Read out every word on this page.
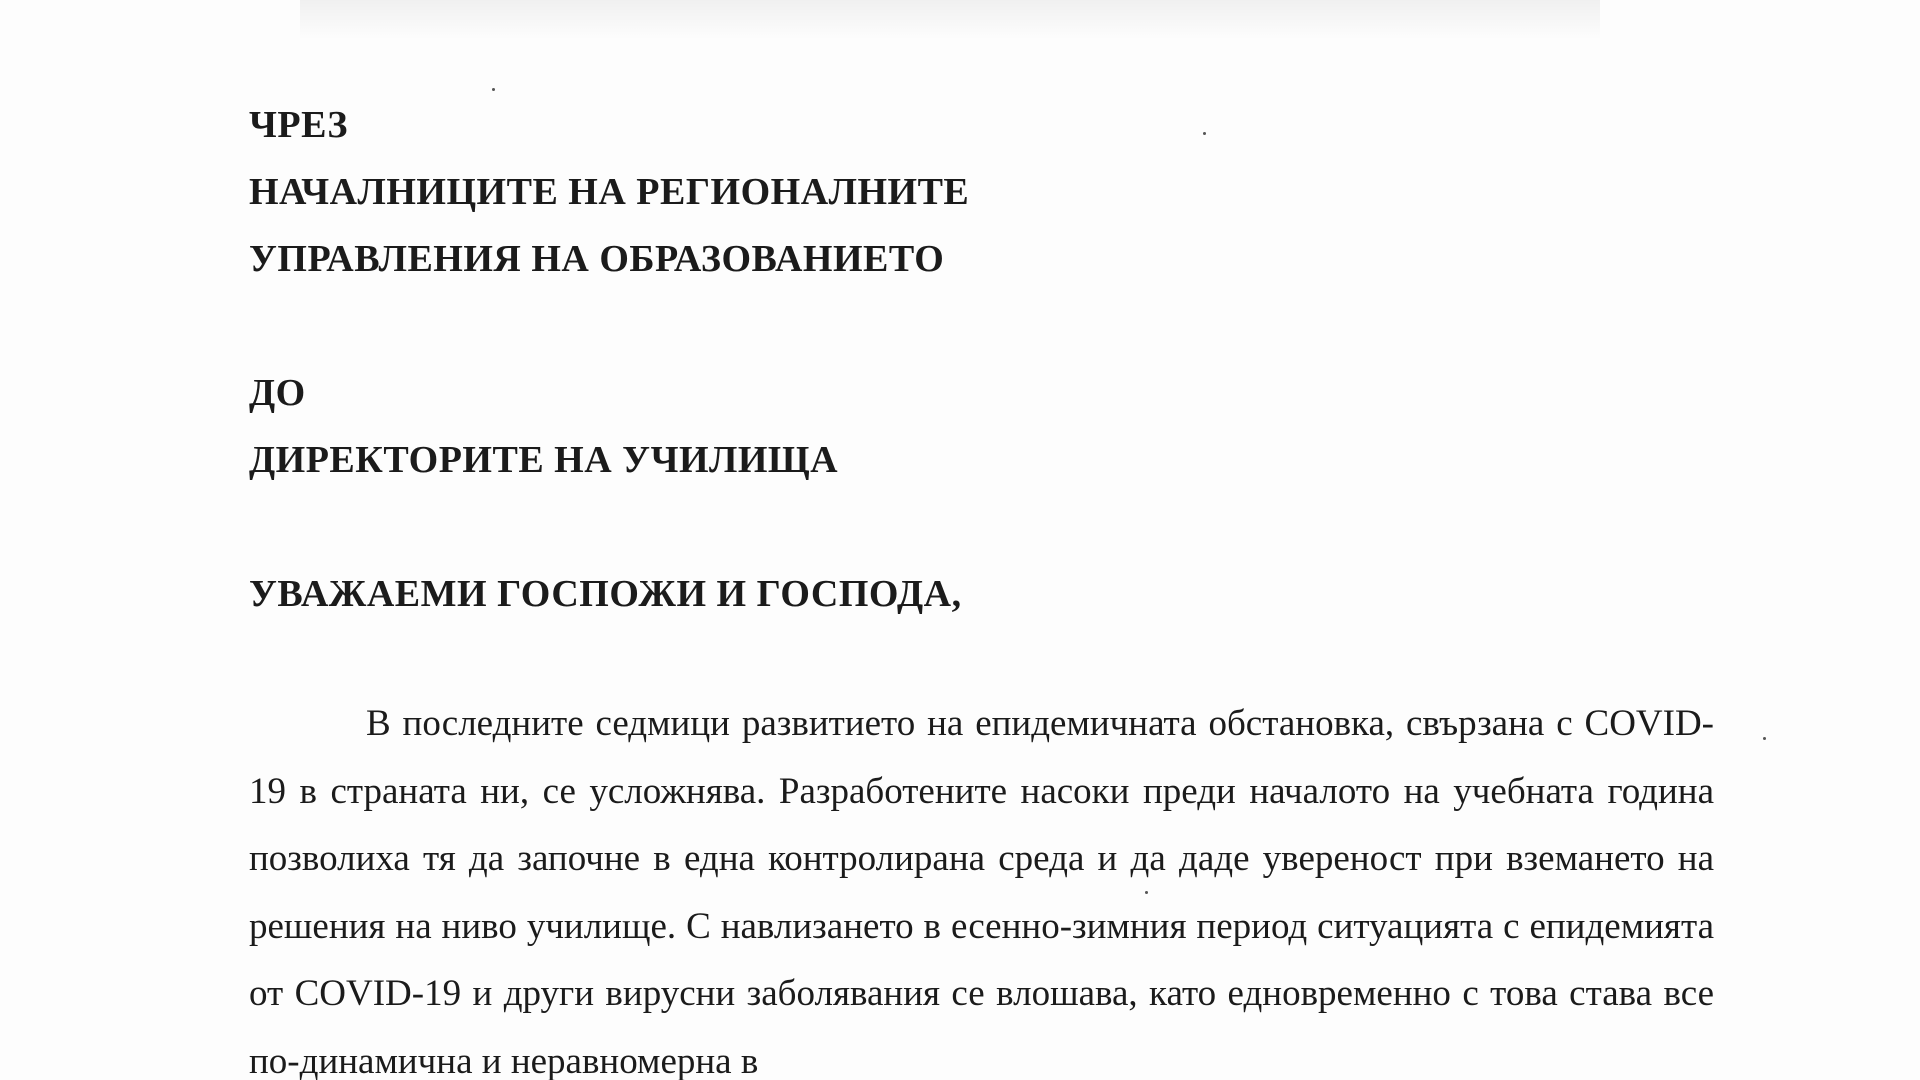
ЧРЕЗ
НАЧАЛНИЦИТЕ НА РЕГИОНАЛНИТЕ
УПРАВЛЕНИЯ НА ОБРАЗОВАНИЕТО
ДО
ДИРЕКТОРИТЕ НА УЧИЛИЩА
УВАЖАЕМИ ГОСПОЖИ И ГОСПОДА,

В последните седмици развитието на епидемичната обстановка, свързана с COVID-19 в страната ни, се усложнява. Разработените насоки преди началото на учебната година позволиха тя да започне в една контролирана среда и да даде увереност при вземането на решения на ниво училище. С навлизането в есенно-зимния период ситуацията с епидемията от COVID-19 и други вирусни заболявания се влошава, като едновременно с това става все по-динамична и неравномерна в
